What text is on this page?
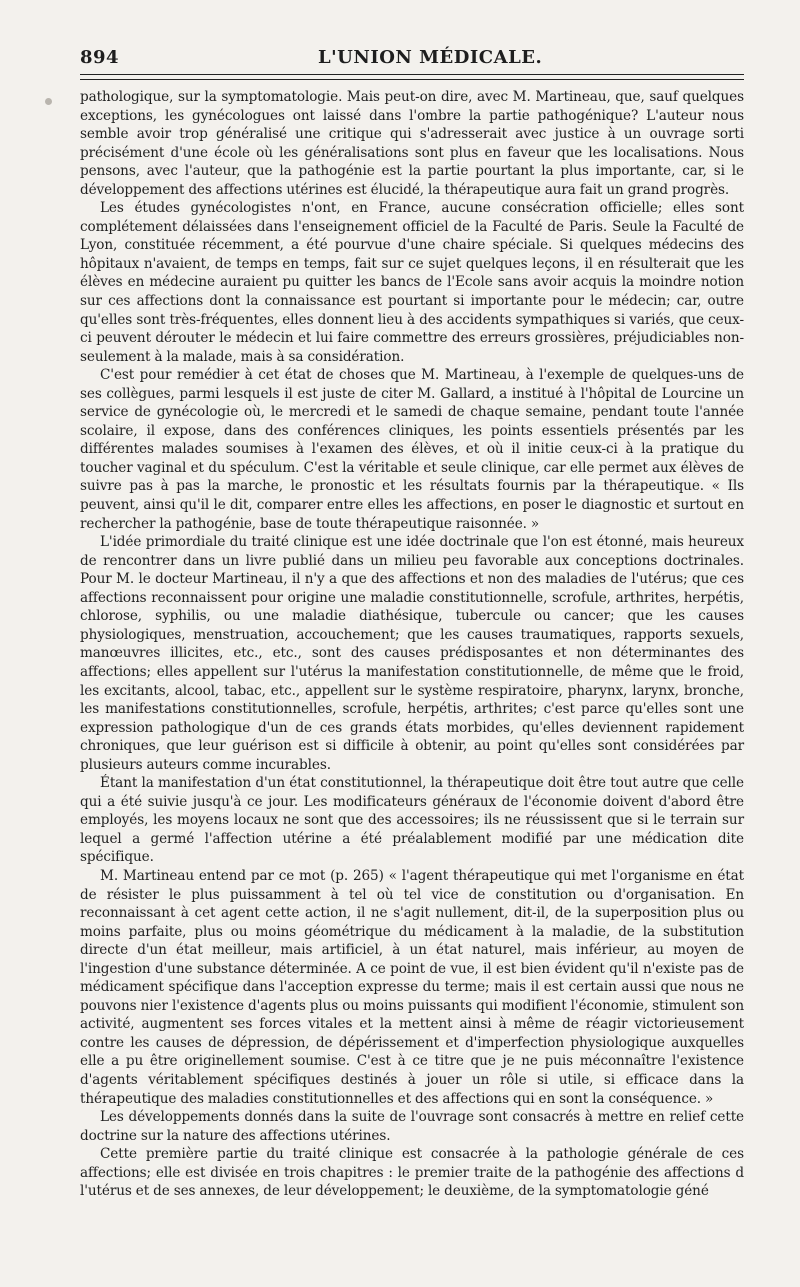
894	L'UNION MÉDICALE.

pathologique, sur la symptomatologie. Mais peut-on dire, avec M. Martineau, que, sauf quelques exceptions, les gynécologues ont laissé dans l'ombre la partie pathogénique? L'auteur nous semble avoir trop généralisé une critique qui s'adresserait avec justice à un ouvrage sorti précisément d'une école où les généralisations sont plus en faveur que les localisations. Nous pensons, avec l'auteur, que la pathogénie est la partie pourtant la plus importante, car, si le développement des affections utérines est élucidé, la thérapeutique aura fait un grand progrès.

Les études gynécologistes n'ont, en France, aucune consécration officielle; elles sont complétement délaissées dans l'enseignement officiel de la Faculté de Paris. Seule la Faculté de Lyon, constituée récemment, a été pourvue d'une chaire spéciale. Si quelques médecins des hôpitaux n'avaient, de temps en temps, fait sur ce sujet quelques leçons, il en résulterait que les élèves en médecine auraient pu quitter les bancs de l'Ecole sans avoir acquis la moindre notion sur ces affections dont la connaissance est pourtant si importante pour le médecin; car, outre qu'elles sont très-fréquentes, elles donnent lieu à des accidents sympathiques si variés, que ceux-ci peuvent dérouter le médecin et lui faire commettre des erreurs grossières, préjudiciables non-seulement à la malade, mais à sa considération.

C'est pour remédier à cet état de choses que M. Martineau, à l'exemple de quelques-uns de ses collègues, parmi lesquels il est juste de citer M. Gallard, a institué à l'hôpital de Lourcine un service de gynécologie où, le mercredi et le samedi de chaque semaine, pendant toute l'année scolaire, il expose, dans des conférences cliniques, les points essentiels présentés par les différentes malades soumises à l'examen des élèves, et où il initie ceux-ci à la pratique du toucher vaginal et du spéculum. C'est la véritable et seule clinique, car elle permet aux élèves de suivre pas à pas la marche, le pronostic et les résultats fournis par la thérapeutique. « Ils peuvent, ainsi qu'il le dit, comparer entre elles les affections, en poser le diagnostic et surtout en rechercher la pathogénie, base de toute thérapeutique raisonnée. »

L'idée primordiale du traité clinique est une idée doctrinale que l'on est étonné, mais heureux de rencontrer dans un livre publié dans un milieu peu favorable aux conceptions doctrinales. Pour M. le docteur Martineau, il n'y a que des affections et non des maladies de l'utérus; que ces affections reconnaissent pour origine une maladie constitutionnelle, scrofule, arthrites, herpétis, chlorose, syphilis, ou une maladie diathésique, tubercule ou cancer; que les causes physiologiques, menstruation, accouchement; que les causes traumatiques, rapports sexuels, manœuvres illicites, etc., etc., sont des causes prédisposantes et non déterminantes des affections; elles appellent sur l'utérus la manifestation constitutionnelle, de même que le froid, les excitants, alcool, tabac, etc., appellent sur le système respiratoire, pharynx, larynx, bronche, les manifestations constitutionnelles, scrofule, herpétis, arthrites; c'est parce qu'elles sont une expression pathologique d'un de ces grands états morbides, qu'elles deviennent rapidement chroniques, que leur guérison est si difficile à obtenir, au point qu'elles sont considérées par plusieurs auteurs comme incurables.

Étant la manifestation d'un état constitutionnel, la thérapeutique doit être tout autre que celle qui a été suivie jusqu'à ce jour. Les modificateurs généraux de l'économie doivent d'abord être employés, les moyens locaux ne sont que des accessoires; ils ne réussissent que si le terrain sur lequel a germé l'affection utérine a été préalablement modifié par une médication dite spécifique.

M. Martineau entend par ce mot (p. 265) « l'agent thérapeutique qui met l'organisme en état de résister le plus puissamment à tel où tel vice de constitution ou d'organisation. En reconnaissant à cet agent cette action, il ne s'agit nullement, dit-il, de la superposition plus ou moins parfaite, plus ou moins géométrique du médicament à la maladie, de la substitution directe d'un état meilleur, mais artificiel, à un état naturel, mais inférieur, au moyen de l'ingestion d'une substance déterminée. A ce point de vue, il est bien évident qu'il n'existe pas de médicament spécifique dans l'acception expresse du terme; mais il est certain aussi que nous ne pouvons nier l'existence d'agents plus ou moins puissants qui modifient l'économie, stimulent son activité, augmentent ses forces vitales et la mettent ainsi à même de réagir victorieusement contre les causes de dépression, de dépérissement et d'imperfection physiologique auxquelles elle a pu être originellement soumise. C'est à ce titre que je ne puis méconnaître l'existence d'agents véritablement spécifiques destinés à jouer un rôle si utile, si efficace dans la thérapeutique des maladies constitutionnelles et des affections qui en sont la conséquence. »

Les développements donnés dans la suite de l'ouvrage sont consacrés à mettre en relief cette doctrine sur la nature des affections utérines.

Cette première partie du traité clinique est consacrée à la pathologie générale de ces affections; elle est divisée en trois chapitres : le premier traite de la pathogénie des affections d l'utérus et de ses annexes, de leur développement; le deuxième, de la symptomatologie géné
